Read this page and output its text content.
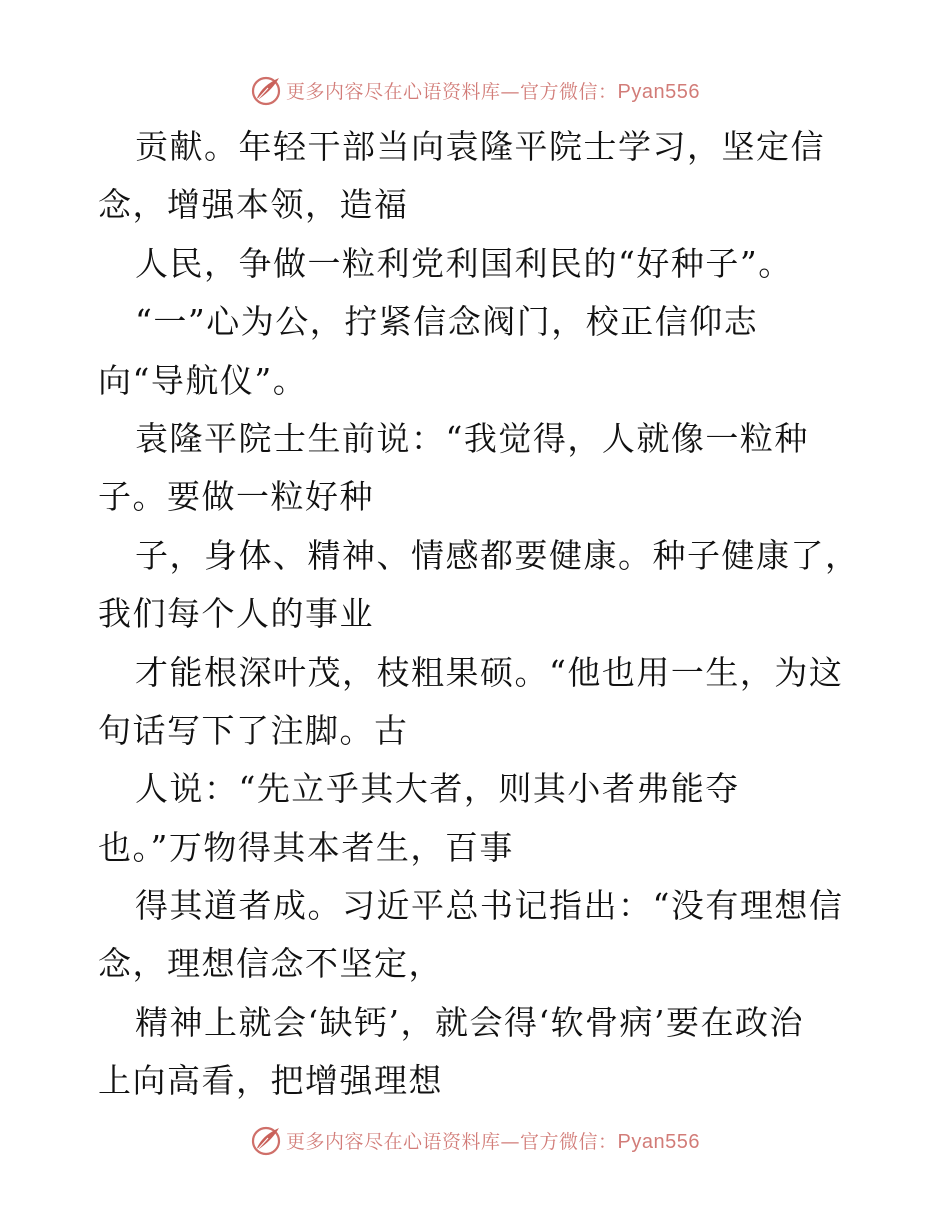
更多内容尽在心语资料库—官方微信：Pyan556
贡献。年轻干部当向袁隆平院士学习，坚定信
念，增强本领，造福
人民，争做一粒利党利国利民的“好种子”。
“一”心为公，拧紧信念阀门，校正信仰志
向“导航仪”。
袁隆平院士生前说：“我觉得，人就像一粒种
子。要做一粒好种
子，身体、精神、情感都要健康。种子健康了，
我们每个人的事业
才能根深叶茂，枝粗果硕。“他也用一生，为这
句话写下了注脚。古
人说：“先立乎其大者，则其小者弗能夺
也。”万物得其本者生，百事
得其道者成。习近平总书记指出：“没有理想信
念，理想信念不坚定，
精神上就会‘缺钙’，就会得‘软骨病’要在政治
上向高看，把增强理想
更多内容尽在心语资料库—官方微信：Pyan556
